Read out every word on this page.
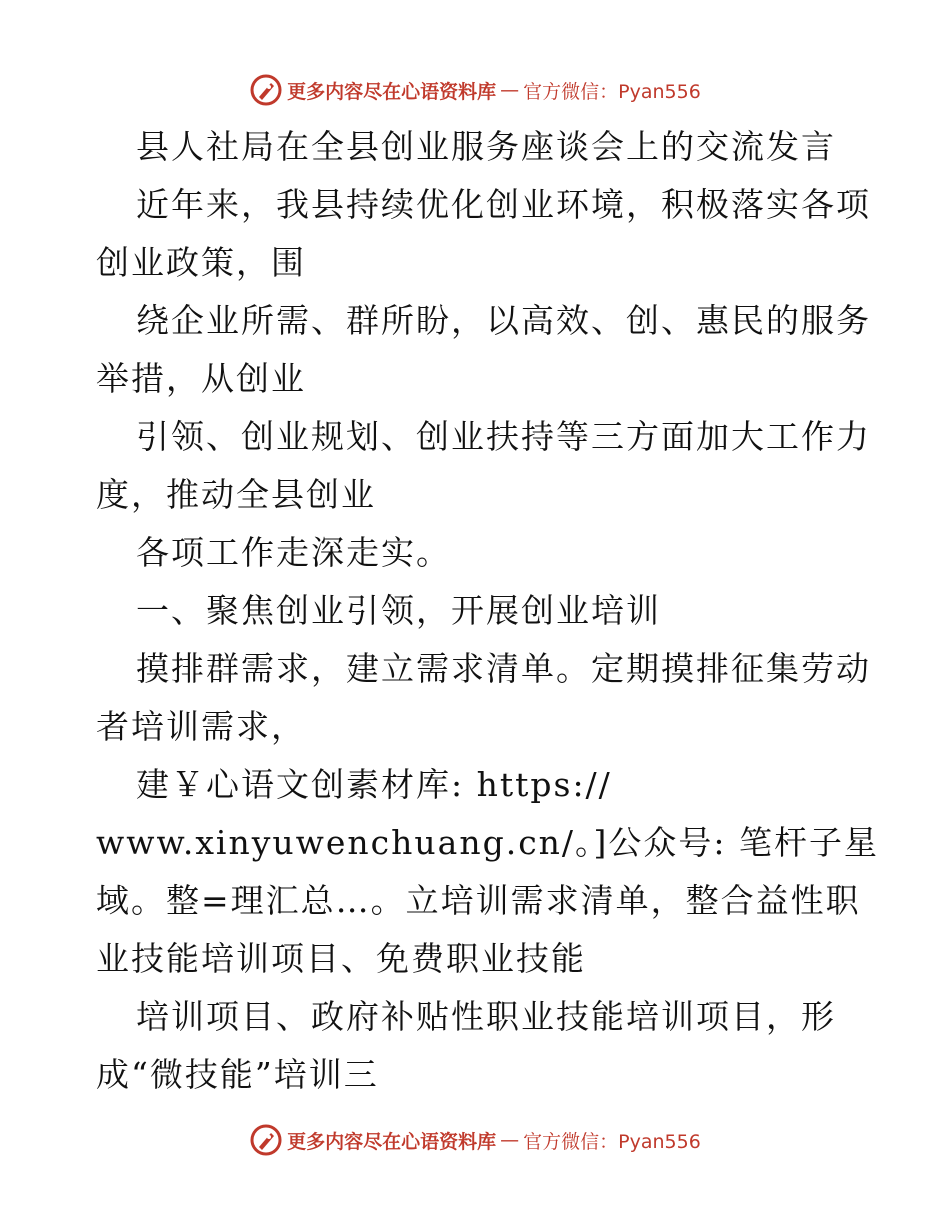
更多内容尽在心语资料库 — 官方微信：Pyan556
县人社局在全县创业服务座谈会上的交流发言
近年来，我县持续优化创业环境，积极落实各项
创业政策，围
绕企业所需、群所盼，以高效、创、惠民的服务
举措，从创业
引领、创业规划、创业扶持等三方面加大工作力
度，推动全县创业
各项工作走深走实。
一、聚焦创业引领，开展创业培训
摸排群需求，建立需求清单。定期摸排征集劳动
者培训需求，
建￥心语文创素材库: https://
www.xinyuwenchuang.cn/。]公众号: 笔杆子星
域。整=理汇总…。立培训需求清单，整合益性职
业技能培训项目、免费职业技能
培训项目、政府补贴性职业技能培训项目，形
成“微技能”培训三
更多内容尽在心语资料库 — 官方微信：Pyan556
